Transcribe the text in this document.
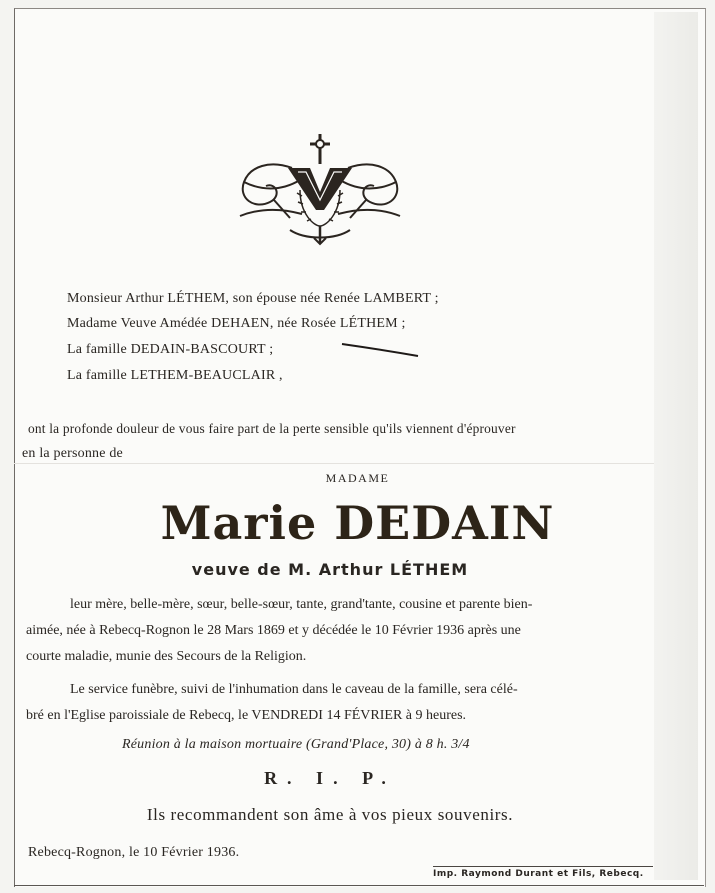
Monsieur Arthur LÉTHEM, son épouse née Renée LAMBERT ;
Madame Veuve Amédée DEHAEN, née Rosée LÉTHEM ;
La famille DEDAIN-BASCOURT ;
La famille LETHEM-BEAUCLAIR ,
ont la profonde douleur de vous faire part de la perte sensible qu'ils viennent d'éprouver
en la personne de
MADAME
Marie DEDAIN
veuve de M. Arthur LÉTHEM
leur mère, belle-mère, sœur, belle-sœur, tante, grand'tante, cousine et parente bien-
aimée, née à Rebecq-Rognon le 28 Mars 1869 et y décédée le 10 Février 1936 après une
courte maladie, munie des Secours de la Religion.
Le service funèbre, suivi de l'inhumation dans le caveau de la famille, sera célé-
bré en l'Eglise paroissiale de Rebecq, le VENDREDI 14 FÉVRIER à 9 heures.
Réunion à la maison mortuaire (Grand'Place, 30) à 8 h. 3/4
R. I. P.
Ils recommandent son âme à vos pieux souvenirs.
Rebecq-Rognon, le 10 Février 1936.
Imp. Raymond Durant et Fils, Rebecq.
